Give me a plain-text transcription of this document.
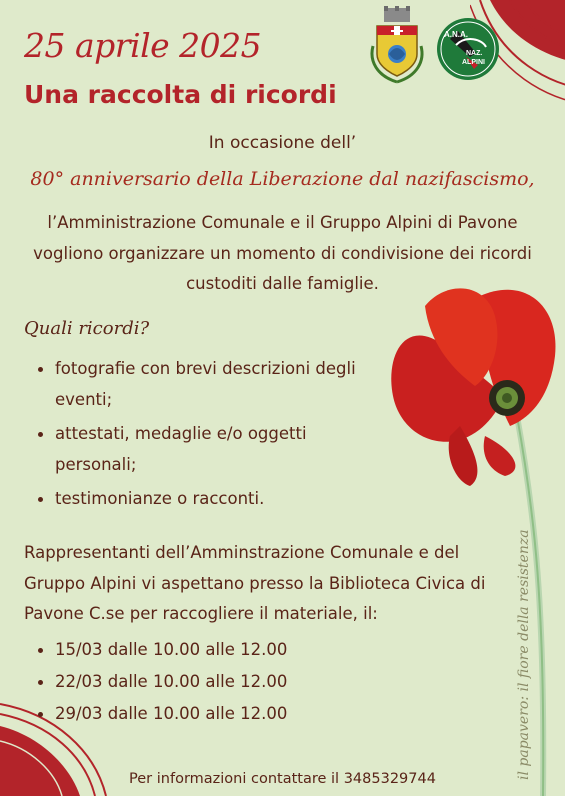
A.N.A.
NAZ.
ALPINI
25 aprile 2025
Una raccolta di ricordi
In occasione dell’
80° anniversario della Liberazione dal nazifascismo,
l’Amministrazione Comunale e il Gruppo Alpini di Pavone vogliono organizzare un momento di condivisione dei ricordi custoditi dalle famiglie.
Quali ricordi?
fotografie con brevi descrizioni degli eventi;
attestati, medaglie e/o oggetti personali;
testimonianze o racconti.
Rappresentanti dell’Amminstrazione Comunale e del Gruppo Alpini vi aspettano presso la Biblioteca Civica di Pavone C.se per raccogliere il materiale, il:
15/03 dalle 10.00 alle 12.00
22/03 dalle 10.00 alle 12.00
29/03 dalle 10.00 alle 12.00
Per informazioni contattare il 3485329744	il papavero: il fiore della resistenza
